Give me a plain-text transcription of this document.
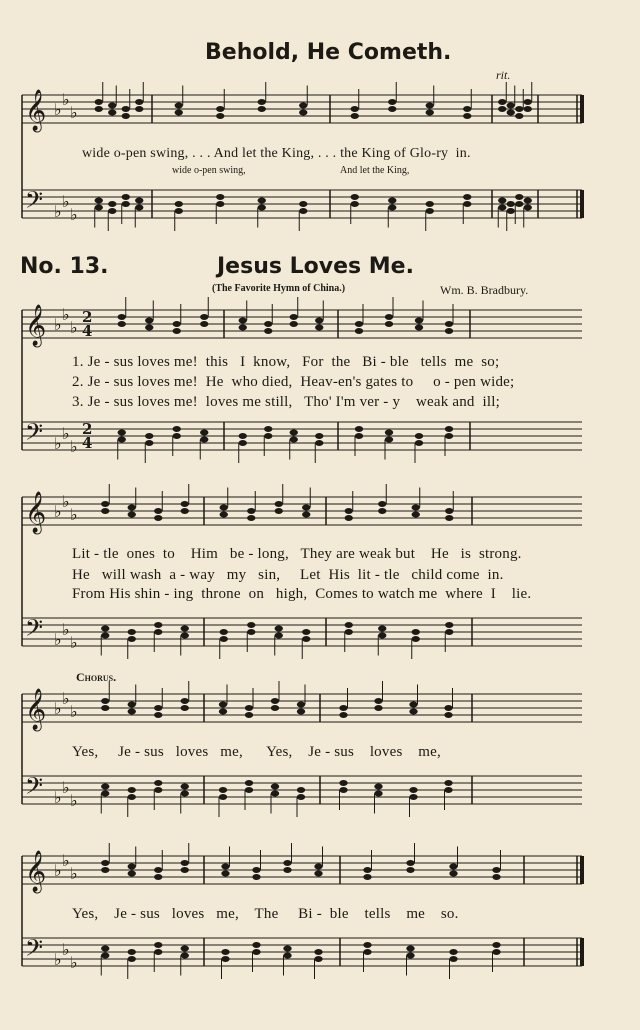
𝄞
𝄢
♭
♭
♭
♭
♭
♭
𝄞
𝄢
♭
♭
♭
♭
♭
♭
2
4
2
4
𝄞
𝄢
♭
♭
♭
♭
♭
♭
𝄞
𝄢
♭
♭
♭
♭
♭
♭
𝄞
𝄢
♭
♭
♭
♭
♭
♭
Behold, He Cometh.
rit.
wide o-pen swing, . . . And let the King, . . . the King of Glo-ry  in.
wide o-pen swing,	And let the King,
No. 13.	Jesus Loves Me.
(The Favorite Hymn of China.)	Wm. B. Bradbury.
1. Je - sus loves me!  this   I  know,   For  the   Bi - ble   tells  me  so;
2. Je - sus loves me!  He  who died,  Heav-en's gates to     o - pen wide;
3. Je - sus loves me!  loves me still,   Tho' I'm ver - y    weak and  ill;
Lit - tle  ones  to    Him   be - long,   They are weak but    He   is  strong.
He   will wash  a - way   my   sin,     Let  His  lit - tle   child come  in.
From His shin - ing  throne  on   high,  Comes to watch me  where  I    lie.
Chorus.
Yes,     Je - sus   loves   me,      Yes,    Je - sus    loves    me,
Yes,    Je - sus   loves   me,    The     Bi -  ble    tells    me    so.
